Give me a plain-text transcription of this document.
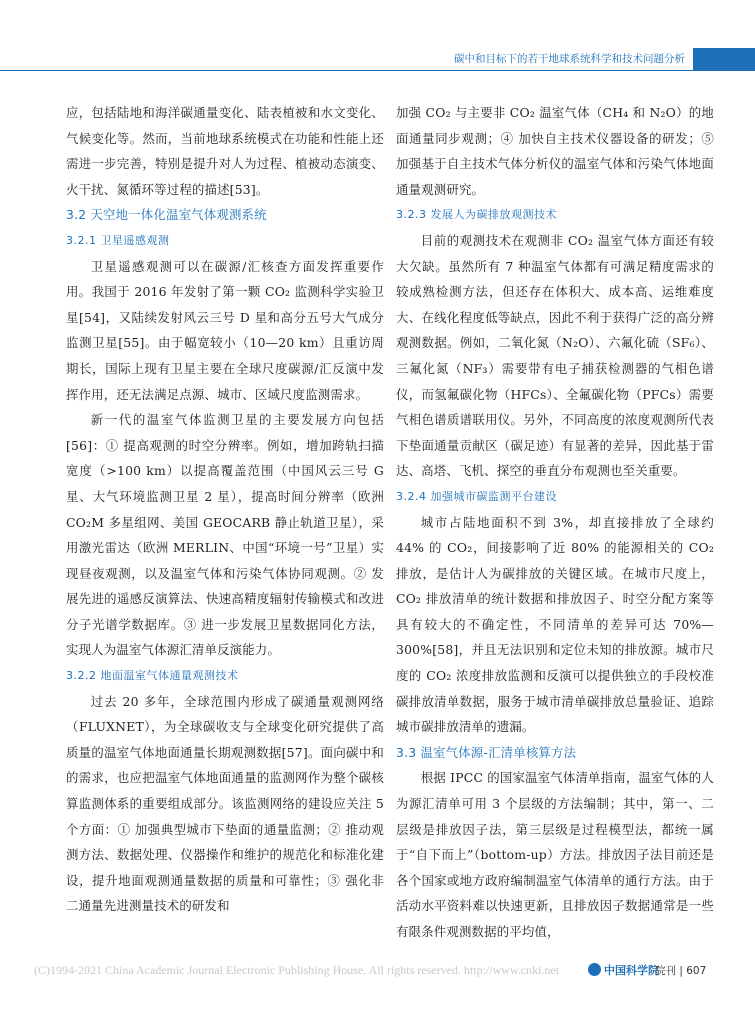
碳中和目标下的若干地球系统科学和技术问题分析

应，包括陆地和海洋碳通量变化、陆表植被和水文变化、气候变化等。然而，当前地球系统模式在功能和性能上还需进一步完善，特别是提升对人为过程、植被动态演变、火干扰、氮循环等过程的描述[53]。

3.2 天空地一体化温室气体观测系统
3.2.1 卫星遥感观测

卫星遥感观测可以在碳源/汇核查方面发挥重要作用。我国于 2016 年发射了第一颗 CO₂ 监测科学实验卫星[54]，又陆续发射风云三号 D 星和高分五号大气成分监测卫星[55]。由于幅宽较小（10—20 km）且重访周期长，国际上现有卫星主要在全球尺度碳源/汇反演中发挥作用，还无法满足点源、城市、区域尺度监测需求。

新一代的温室气体监测卫星的主要发展方向包括[56]：① 提高观测的时空分辨率。例如，增加跨轨扫描宽度（>100 km）以提高覆盖范围（中国风云三号 G 星、大气环境监测卫星 2 星），提高时间分辨率（欧洲 CO₂M 多星组网、美国 GEOCARB 静止轨道卫星），采用激光雷达（欧洲 MERLIN、中国“环境一号”卫星）实现昼夜观测，以及温室气体和污染气体协同观测。② 发展先进的遥感反演算法、快速高精度辐射传输模式和改进分子光谱学数据库。③ 进一步发展卫星数据同化方法，实现人为温室气体源汇清单反演能力。

3.2.2 地面温室气体通量观测技术

过去 20 多年，全球范围内形成了碳通量观测网络（FLUXNET），为全球碳收支与全球变化研究提供了高质量的温室气体地面通量长期观测数据[57]。面向碳中和的需求，也应把温室气体地面通量的监测网作为整个碳核算监测体系的重要组成部分。该监测网络的建设应关注 5 个方面：① 加强典型城市下垫面的通量监测；② 推动观测方法、数据处理、仪器操作和维护的规范化和标准化建设，提升地面观测通量数据的质量和可靠性；③ 强化非二通量先进测量技术的研发和

加强 CO₂ 与主要非 CO₂ 温室气体（CH₄ 和 N₂O）的地面通量同步观测；④ 加快自主技术仪器设备的研发；⑤ 加强基于自主技术气体分析仪的温室气体和污染气体地面通量观测研究。

3.2.3 发展人为碳排放观测技术

目前的观测技术在观测非 CO₂ 温室气体方面还有较大欠缺。虽然所有 7 种温室气体都有可满足精度需求的较成熟检测方法，但还存在体积大、成本高、运维难度大、在线化程度低等缺点，因此不利于获得广泛的高分辨观测数据。例如，二氧化氮（N₂O）、六氟化硫（SF₆）、三氟化氮（NF₃）需要带有电子捕获检测器的气相色谱仪，而氢氟碳化物（HFCs）、全氟碳化物（PFCs）需要气相色谱质谱联用仪。另外，不同高度的浓度观测所代表下垫面通量贡献区（碳足迹）有显著的差异，因此基于雷达、高塔、飞机、探空的垂直分布观测也至关重要。

3.2.4 加强城市碳监测平台建设

城市占陆地面积不到 3%，却直接排放了全球约 44% 的 CO₂，间接影响了近 80% 的能源相关的 CO₂ 排放，是估计人为碳排放的关键区域。在城市尺度上，CO₂ 排放清单的统计数据和排放因子、时空分配方案等具有较大的不确定性，不同清单的差异可达 70%—300%[58]，并且无法识别和定位未知的排放源。城市尺度的 CO₂ 浓度排放监测和反演可以提供独立的手段校准碳排放清单数据，服务于城市清单碳排放总量验证、追踪城市碳排放清单的遗漏。

3.3 温室气体源-汇清单核算方法

根据 IPCC 的国家温室气体清单指南，温室气体的人为源汇清单可用 3 个层级的方法编制；其中，第一、二层级是排放因子法，第三层级是过程模型法，都统一属于“自下而上”（bottom-up）方法。排放因子法目前还是各个国家或地方政府编制温室气体清单的通行方法。由于活动水平资料难以快速更新，且排放因子数据通常是一些有限条件观测数据的平均值，

(C)1994-2021 China Academic Journal Electronic Publishing House. All rights reserved. http://www.cnki.net	中国科学院
院刊 | 607
